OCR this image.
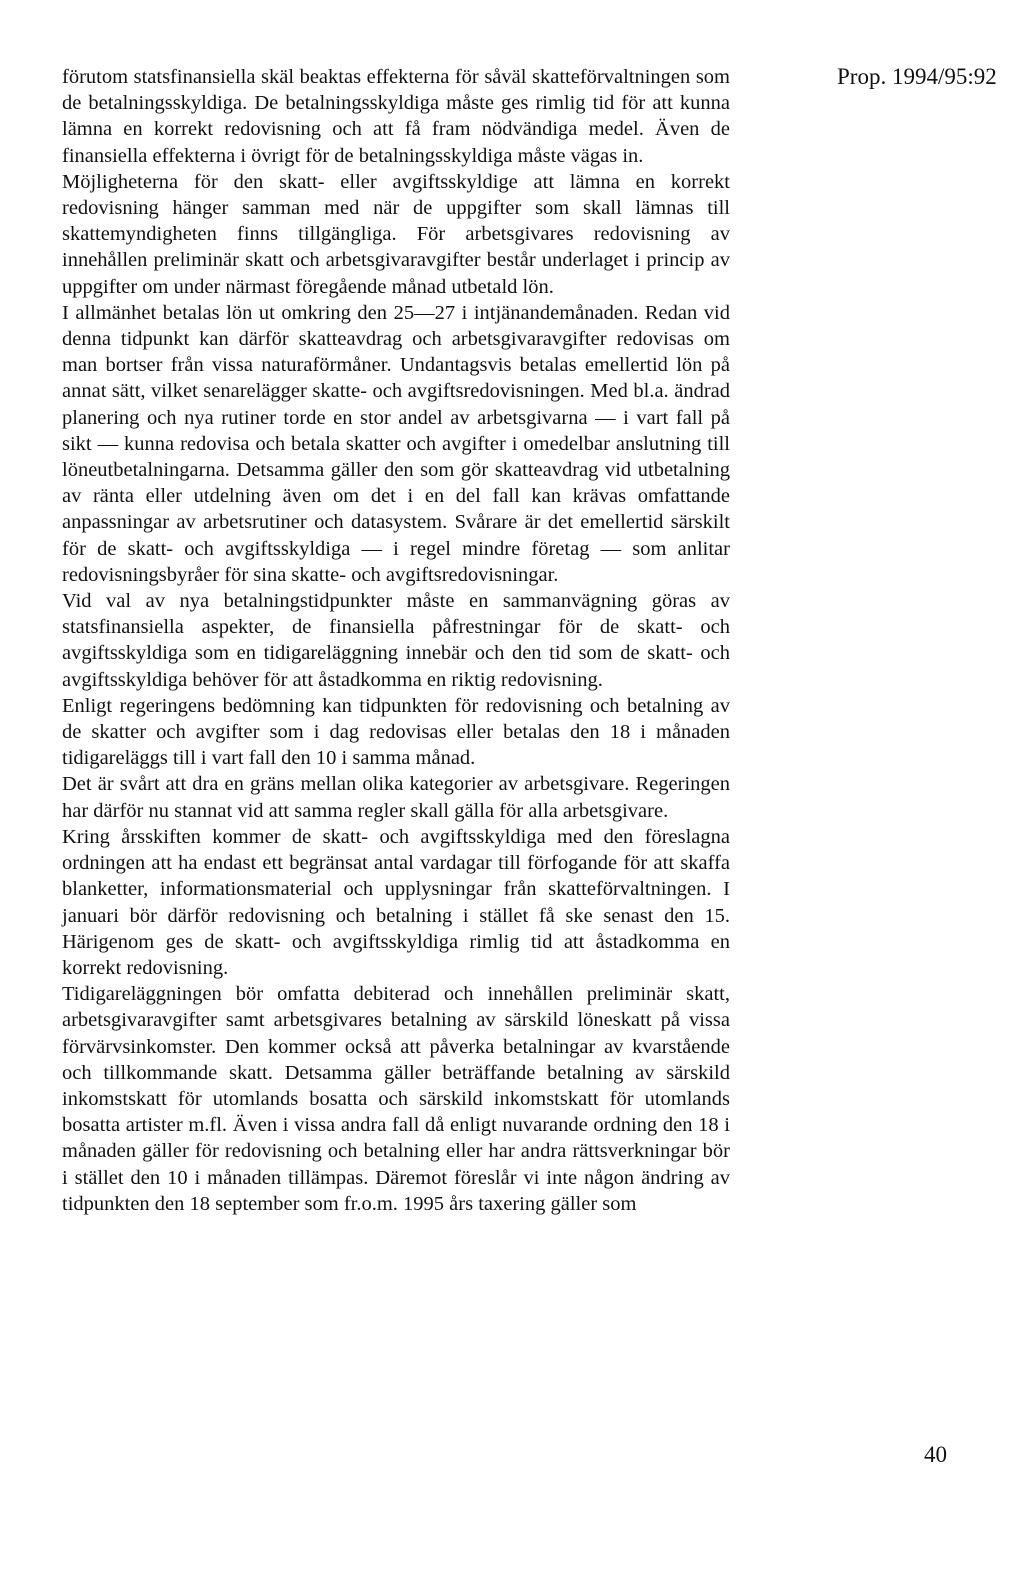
Prop. 1994/95:92

förutom statsfinansiella skäl beaktas effekterna för såväl skatteförvaltningen som de betalningsskyldiga. De betalningsskyldiga måste ges rimlig tid för att kunna lämna en korrekt redovisning och att få fram nödvändiga medel. Även de finansiella effekterna i övrigt för de betalningsskyldiga måste vägas in.

Möjligheterna för den skatt- eller avgiftsskyldige att lämna en korrekt redovisning hänger samman med när de uppgifter som skall lämnas till skattemyndigheten finns tillgängliga. För arbetsgivares redovisning av innehållen preliminär skatt och arbetsgivaravgifter består underlaget i princip av uppgifter om under närmast föregående månad utbetald lön.

I allmänhet betalas lön ut omkring den 25—27 i intjänandemånaden. Redan vid denna tidpunkt kan därför skatteavdrag och arbetsgivaravgifter redovisas om man bortser från vissa naturaförmåner. Undantagsvis betalas emellertid lön på annat sätt, vilket senarelägger skatte- och avgiftsredovisningen. Med bl.a. ändrad planering och nya rutiner torde en stor andel av arbetsgivarna — i vart fall på sikt — kunna redovisa och betala skatter och avgifter i omedelbar anslutning till löneutbetalningarna. Detsamma gäller den som gör skatteavdrag vid utbetalning av ränta eller utdelning även om det i en del fall kan krävas omfattande anpassningar av arbetsrutiner och datasystem. Svårare är det emellertid särskilt för de skatt- och avgiftsskyldiga — i regel mindre företag — som anlitar redovisningsbyråer för sina skatte- och avgiftsredovisningar.

Vid val av nya betalningstidpunkter måste en sammanvägning göras av statsfinansiella aspekter, de finansiella påfrestningar för de skatt- och avgiftsskyldiga som en tidigareläggning innebär och den tid som de skatt- och avgiftsskyldiga behöver för att åstadkomma en riktig redovisning.

Enligt regeringens bedömning kan tidpunkten för redovisning och betalning av de skatter och avgifter som i dag redovisas eller betalas den 18 i månaden tidigareläggs till i vart fall den 10 i samma månad.

Det är svårt att dra en gräns mellan olika kategorier av arbetsgivare. Regeringen har därför nu stannat vid att samma regler skall gälla för alla arbetsgivare.

Kring årsskiften kommer de skatt- och avgiftsskyldiga med den föreslagna ordningen att ha endast ett begränsat antal vardagar till förfogande för att skaffa blanketter, informationsmaterial och upplysningar från skatteförvaltningen. I januari bör därför redovisning och betalning i stället få ske senast den 15. Härigenom ges de skatt- och avgiftsskyldiga rimlig tid att åstadkomma en korrekt redovisning.

Tidigareläggningen bör omfatta debiterad och innehållen preliminär skatt, arbetsgivaravgifter samt arbetsgivares betalning av särskild löneskatt på vissa förvärvsinkomster. Den kommer också att påverka betalningar av kvarstående och tillkommande skatt. Detsamma gäller beträffande betalning av särskild inkomstskatt för utomlands bosatta och särskild inkomstskatt för utomlands bosatta artister m.fl. Även i vissa andra fall då enligt nuvarande ordning den 18 i månaden gäller för redovisning och betalning eller har andra rättsverkningar bör i stället den 10 i månaden tillämpas. Däremot föreslår vi inte någon ändring av tidpunkten den 18 september som fr.o.m. 1995 års taxering gäller som

40
